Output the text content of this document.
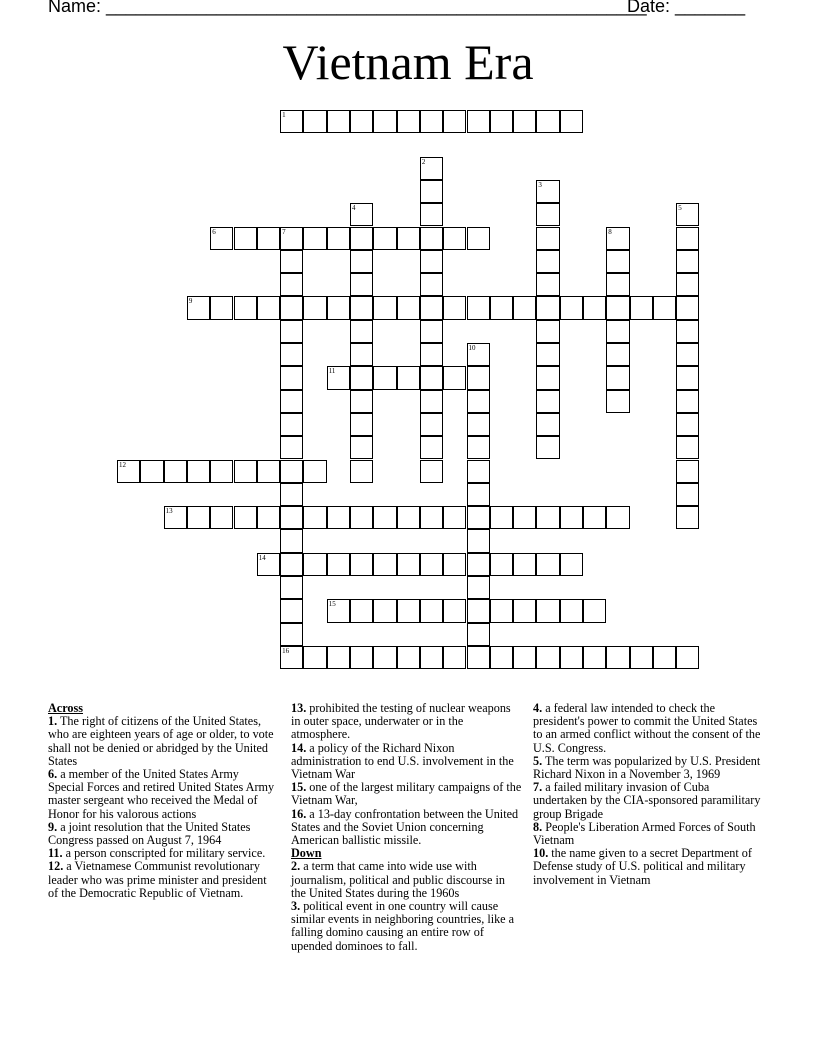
Name: ______________________________________________________
Date: _______
Vietnam Era
1
6
9
11
12
13
14
15
16
2
3
4	5
7	8
10
Across
1. The right of citizens of the United States, who are eighteen years of age or older, to vote shall not be denied or abridged by the United States
6. a member of the United States Army Special Forces and retired United States Army master sergeant who received the Medal of Honor for his valorous actions
9. a joint resolution that the United States Congress passed on August 7, 1964
11. a person conscripted for military service.
12. a Vietnamese Communist revolutionary leader who was prime minister and president of the Democratic Republic of Vietnam.
13. prohibited the testing of nuclear weapons in outer space, underwater or in the atmosphere.
14. a policy of the Richard Nixon administration to end U.S. involvement in the Vietnam War
15. one of the largest military campaigns of the Vietnam War,
16. a 13-day confrontation between the United States and the Soviet Union concerning American ballistic missile.
Down
2. a term that came into wide use with journalism, political and public discourse in the United States during the 1960s
3. political event in one country will cause similar events in neighboring countries, like a falling domino causing an entire row of upended dominoes to fall.
4. a federal law intended to check the president's power to commit the United States to an armed conflict without the consent of the U.S. Congress.
5. The term was popularized by U.S. President Richard Nixon in a November 3, 1969
7. a failed military invasion of Cuba undertaken by the CIA-sponsored paramilitary group Brigade
8. People's Liberation Armed Forces of South Vietnam
10. the name given to a secret Department of Defense study of U.S. political and military involvement in Vietnam
